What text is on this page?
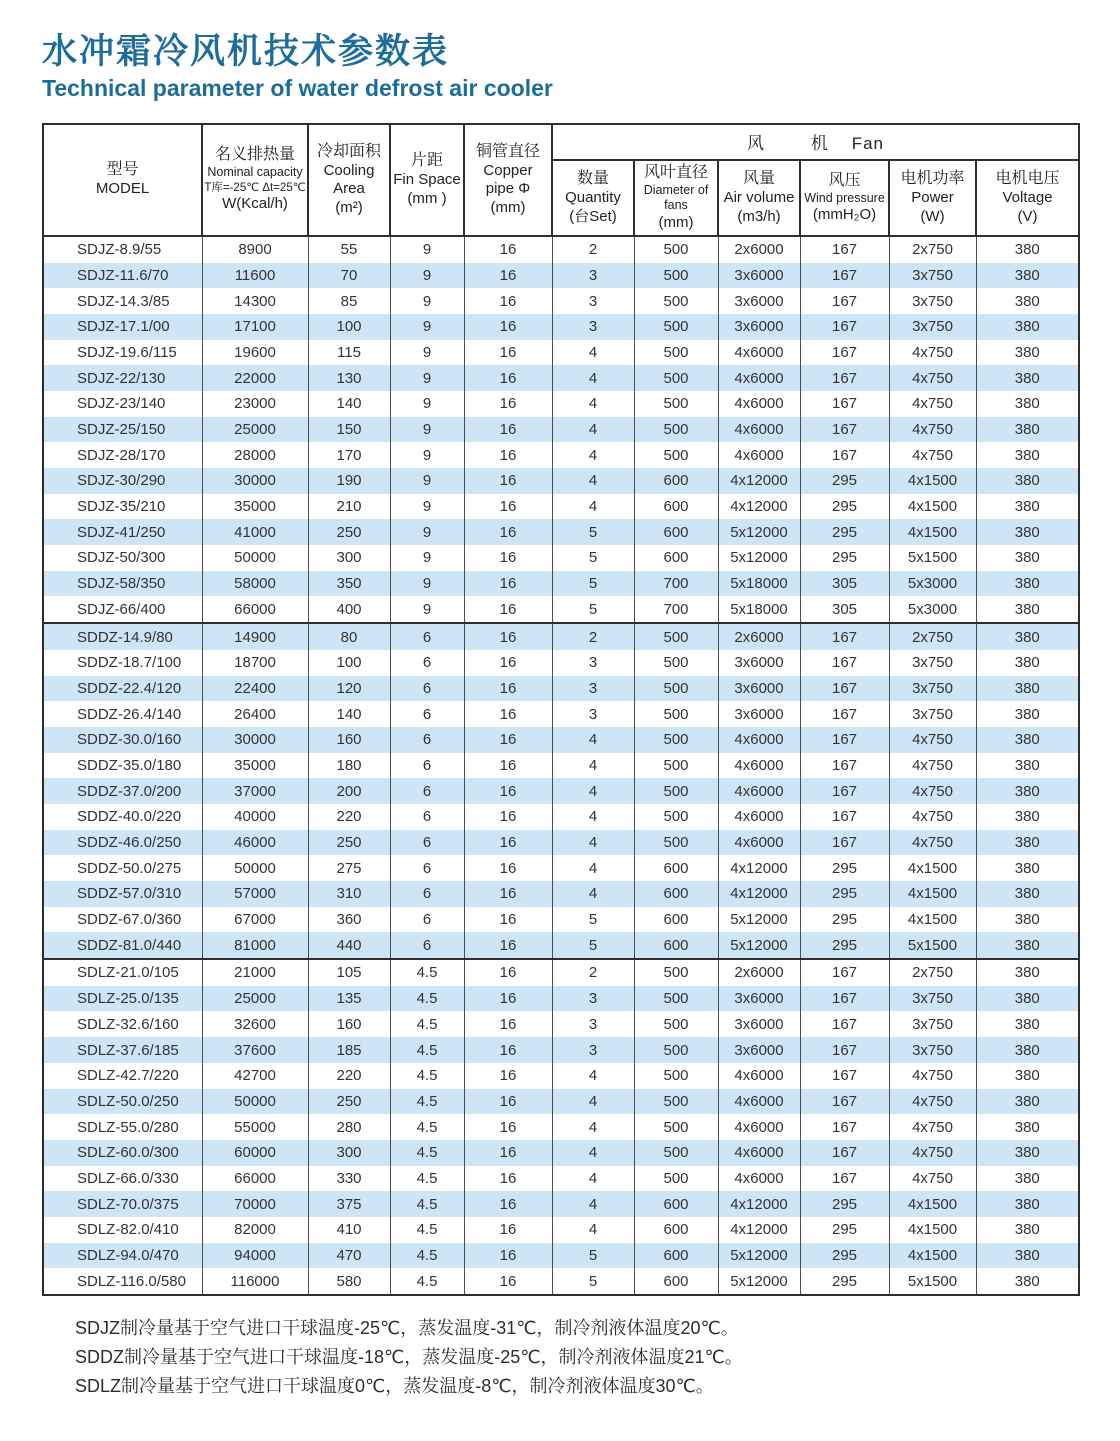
水冲霜冷风机技术参数表
Technical parameter of water defrost air cooler
型号
MODEL

名义排热量
Nominal capacity
T库=-25℃ Δt=25℃
W(Kcal/h)

冷却面积
Cooling
Area
(m²)

片距
Fin Space
(mm )

铜管直径
Copper
pipe Φ
(mm)
	风        机    Fan

数量
Quantity
(台Set)

风叶直径
Diameter of fans
(mm)

风量
Air volume
(m3/h)

风压
Wind pressure
(mmH₂O)

电机功率
Power
(W)

电机电压
Voltage
(V)

SDJZ-8.9/55	8900	55	9	16	2	500	2x6000	167	2x750	380
SDJZ-11.6/70	11600	70	9	16	3	500	3x6000	167	3x750	380
SDJZ-14.3/85	14300	85	9	16	3	500	3x6000	167	3x750	380
SDJZ-17.1/00	17100	100	9	16	3	500	3x6000	167	3x750	380
SDJZ-19.6/115	19600	115	9	16	4	500	4x6000	167	4x750	380
SDJZ-22/130	22000	130	9	16	4	500	4x6000	167	4x750	380
SDJZ-23/140	23000	140	9	16	4	500	4x6000	167	4x750	380
SDJZ-25/150	25000	150	9	16	4	500	4x6000	167	4x750	380
SDJZ-28/170	28000	170	9	16	4	500	4x6000	167	4x750	380
SDJZ-30/290	30000	190	9	16	4	600	4x12000	295	4x1500	380
SDJZ-35/210	35000	210	9	16	4	600	4x12000	295	4x1500	380
SDJZ-41/250	41000	250	9	16	5	600	5x12000	295	4x1500	380
SDJZ-50/300	50000	300	9	16	5	600	5x12000	295	5x1500	380
SDJZ-58/350	58000	350	9	16	5	700	5x18000	305	5x3000	380
SDJZ-66/400	66000	400	9	16	5	700	5x18000	305	5x3000	380
SDDZ-14.9/80	14900	80	6	16	2	500	2x6000	167	2x750	380
SDDZ-18.7/100	18700	100	6	16	3	500	3x6000	167	3x750	380
SDDZ-22.4/120	22400	120	6	16	3	500	3x6000	167	3x750	380
SDDZ-26.4/140	26400	140	6	16	3	500	3x6000	167	3x750	380
SDDZ-30.0/160	30000	160	6	16	4	500	4x6000	167	4x750	380
SDDZ-35.0/180	35000	180	6	16	4	500	4x6000	167	4x750	380
SDDZ-37.0/200	37000	200	6	16	4	500	4x6000	167	4x750	380
SDDZ-40.0/220	40000	220	6	16	4	500	4x6000	167	4x750	380
SDDZ-46.0/250	46000	250	6	16	4	500	4x6000	167	4x750	380
SDDZ-50.0/275	50000	275	6	16	4	600	4x12000	295	4x1500	380
SDDZ-57.0/310	57000	310	6	16	4	600	4x12000	295	4x1500	380
SDDZ-67.0/360	67000	360	6	16	5	600	5x12000	295	4x1500	380
SDDZ-81.0/440	81000	440	6	16	5	600	5x12000	295	5x1500	380
SDLZ-21.0/105	21000	105	4.5	16	2	500	2x6000	167	2x750	380
SDLZ-25.0/135	25000	135	4.5	16	3	500	3x6000	167	3x750	380
SDLZ-32.6/160	32600	160	4.5	16	3	500	3x6000	167	3x750	380
SDLZ-37.6/185	37600	185	4.5	16	3	500	3x6000	167	3x750	380
SDLZ-42.7/220	42700	220	4.5	16	4	500	4x6000	167	4x750	380
SDLZ-50.0/250	50000	250	4.5	16	4	500	4x6000	167	4x750	380
SDLZ-55.0/280	55000	280	4.5	16	4	500	4x6000	167	4x750	380
SDLZ-60.0/300	60000	300	4.5	16	4	500	4x6000	167	4x750	380
SDLZ-66.0/330	66000	330	4.5	16	4	500	4x6000	167	4x750	380
SDLZ-70.0/375	70000	375	4.5	16	4	600	4x12000	295	4x1500	380
SDLZ-82.0/410	82000	410	4.5	16	4	600	4x12000	295	4x1500	380
SDLZ-94.0/470	94000	470	4.5	16	5	600	5x12000	295	4x1500	380
SDLZ-116.0/580	116000	580	4.5	16	5	600	5x12000	295	5x1500	380

SDJZ制冷量基于空气进口干球温度-25℃，蒸发温度-31℃，制冷剂液体温度20℃。

SDDZ制冷量基于空气进口干球温度-18℃，蒸发温度-25℃，制冷剂液体温度21℃。

SDLZ制冷量基于空气进口干球温度0℃，蒸发温度-8℃，制冷剂液体温度30℃。
